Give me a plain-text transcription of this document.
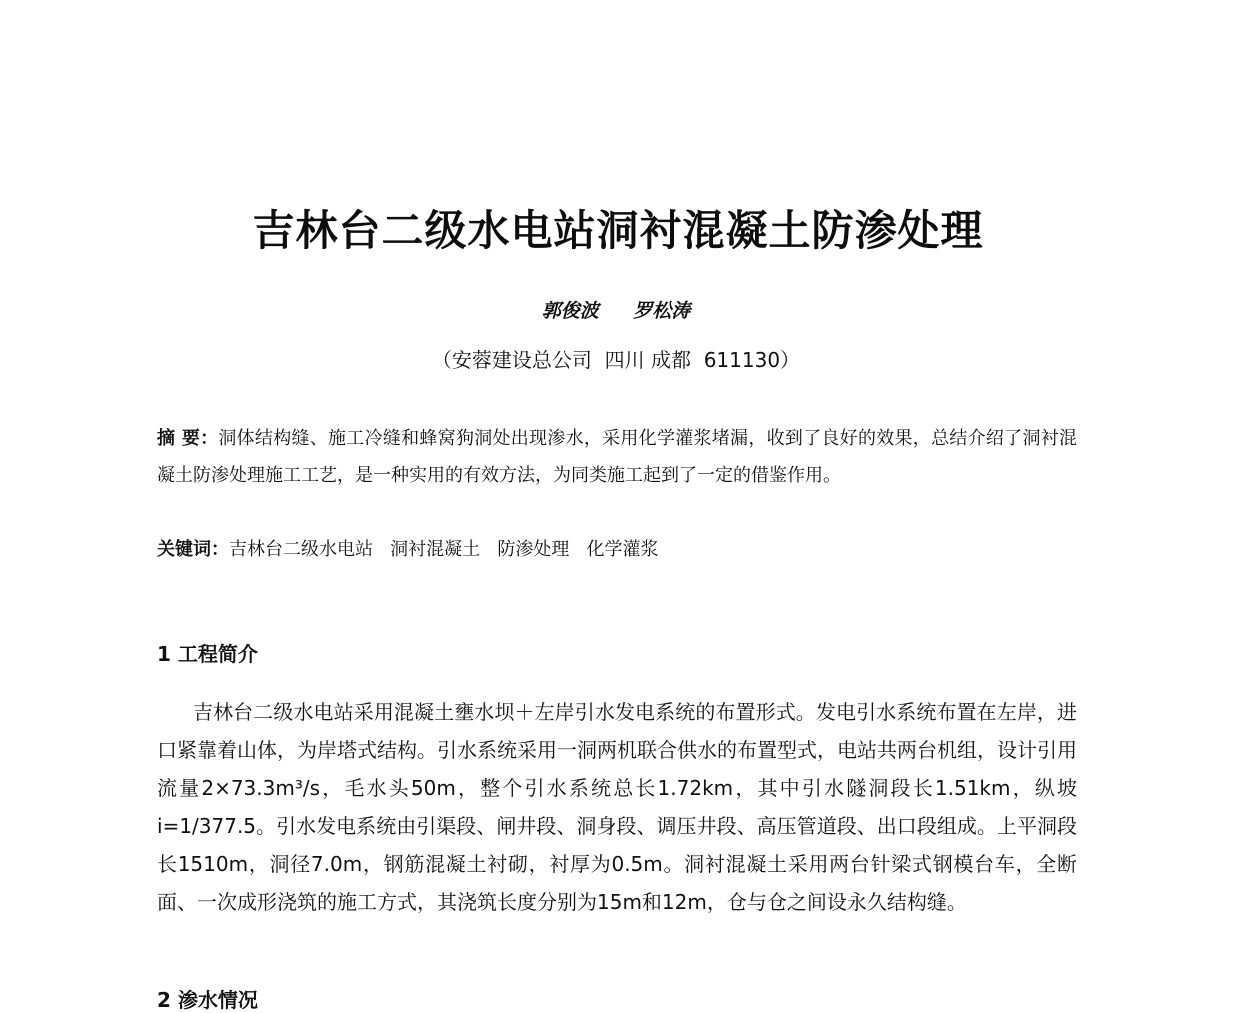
吉林台二级水电站洞衬混凝土防渗处理
郭俊波 罗松涛
（安蓉建设总公司  四川 成都  611130）
摘 要：洞体结构缝、施工冷缝和蜂窝狗洞处出现渗水，采用化学灌浆堵漏，收到了良好的效果，总结介绍了洞衬混凝土防渗处理施工工艺，是一种实用的有效方法，为同类施工起到了一定的借鉴作用。
关键词：吉林台二级水电站   洞衬混凝土   防渗处理   化学灌浆
1 工程简介

吉林台二级水电站采用混凝土壅水坝＋左岸引水发电系统的布置形式。发电引水系统布置在左岸，进口紧靠着山体，为岸塔式结构。引水系统采用一洞两机联合供水的布置型式，电站共两台机组，设计引用流量2×73.3m³/s，毛水头50m，整个引水系统总长1.72km，其中引水隧洞段长1.51km，纵坡i=1/377.5。引水发电系统由引渠段、闸井段、洞身段、调压井段、高压管道段、出口段组成。上平洞段长1510m，洞径7.0m，钢筋混凝土衬砌，衬厚为0.5m。洞衬混凝土采用两台针梁式钢模台车，全断面、一次成形浇筑的施工方式，其浇筑长度分别为15m和12m，仓与仓之间设永久结构缝。

2 渗水情况
